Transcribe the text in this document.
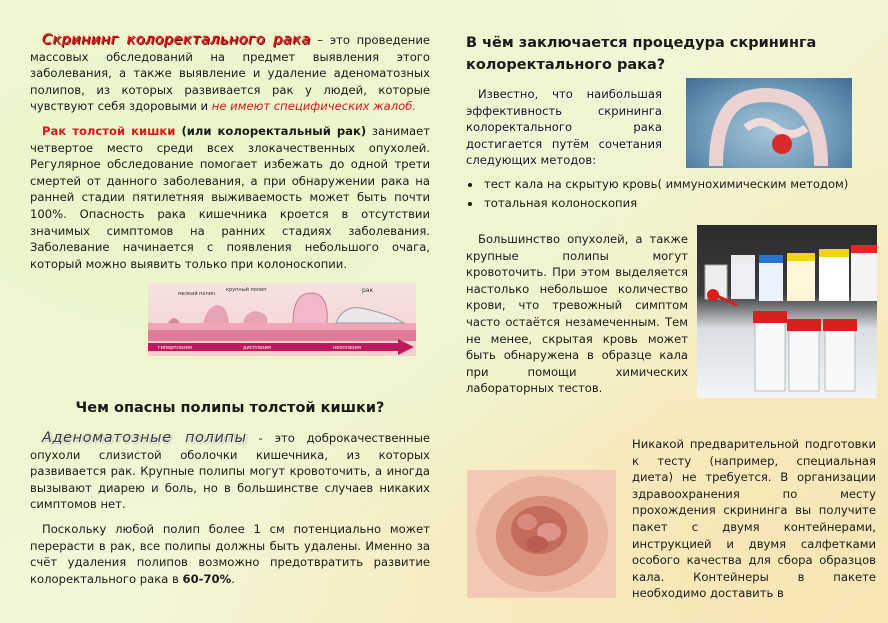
Скрининг колоректального рака – это проведение массовых обследований на предмет выявления этого заболевания, а также выявление и удаление аденоматозных полипов, из которых развивается рак у людей, которые чувствуют себя здоровыми и не имеют специфических жалоб.

Рак толстой кишки (или колоректальный рак) занимает четвертое место среди всех злокачественных опухолей. Регулярное обследование помогает избежать до одной трети смертей от данного заболевания, а при обнаружении рака на ранней стадии пятилетняя выживаемость может быть почти 100%. Опасность рака кишечника кроется в отсутствии значимых симптомов на ранних стадиях заболевания. Заболевание начинается с появления небольшого очага, который можно выявить только при колоноскопии.

мелкий полип
крупный полип	рак
гиперплазия	дисплазия	неоплазия
Чем опасны полипы толстой кишки?

Аденоматозные полипы - это доброкачественные опухоли слизистой оболочки кишечника, из которых развивается рак. Крупные полипы могут кровоточить, а иногда вызывают диарею и боль, но в большинстве случаев никаких симптомов нет.

Поскольку любой полип более 1 см потенциально может перерасти в рак, все полипы должны быть удалены. Именно за счёт удаления полипов возможно предотвратить развитие колоректального рака в 60-70%.

В чём заключается процедура скрининга колоректального рака?

Известно, что наибольшая эффективность скрининга колоректального рака достигается путём сочетания следующих методов:

• тест кала на скрытую кровь( иммунохимическим методом)
• тотальная колоноскопия

Большинство опухолей, а также крупные полипы могут кровоточить. При этом выделяется настолько небольшое количество крови, что тревожный симптом часто остаётся незамеченным. Тем не менее, скрытая кровь может быть обнаружена в образце кала при помощи химических лабораторных тестов.

Никакой предварительной подготовки к тесту (например, специальная диета) не требуется. В организации здравоохранения по месту прохождения скрининга вы получите пакет с двумя контейнерами, инструкцией и двумя салфетками особого качества для сбора образцов кала. Контейнеры в пакете необходимо доставить в
